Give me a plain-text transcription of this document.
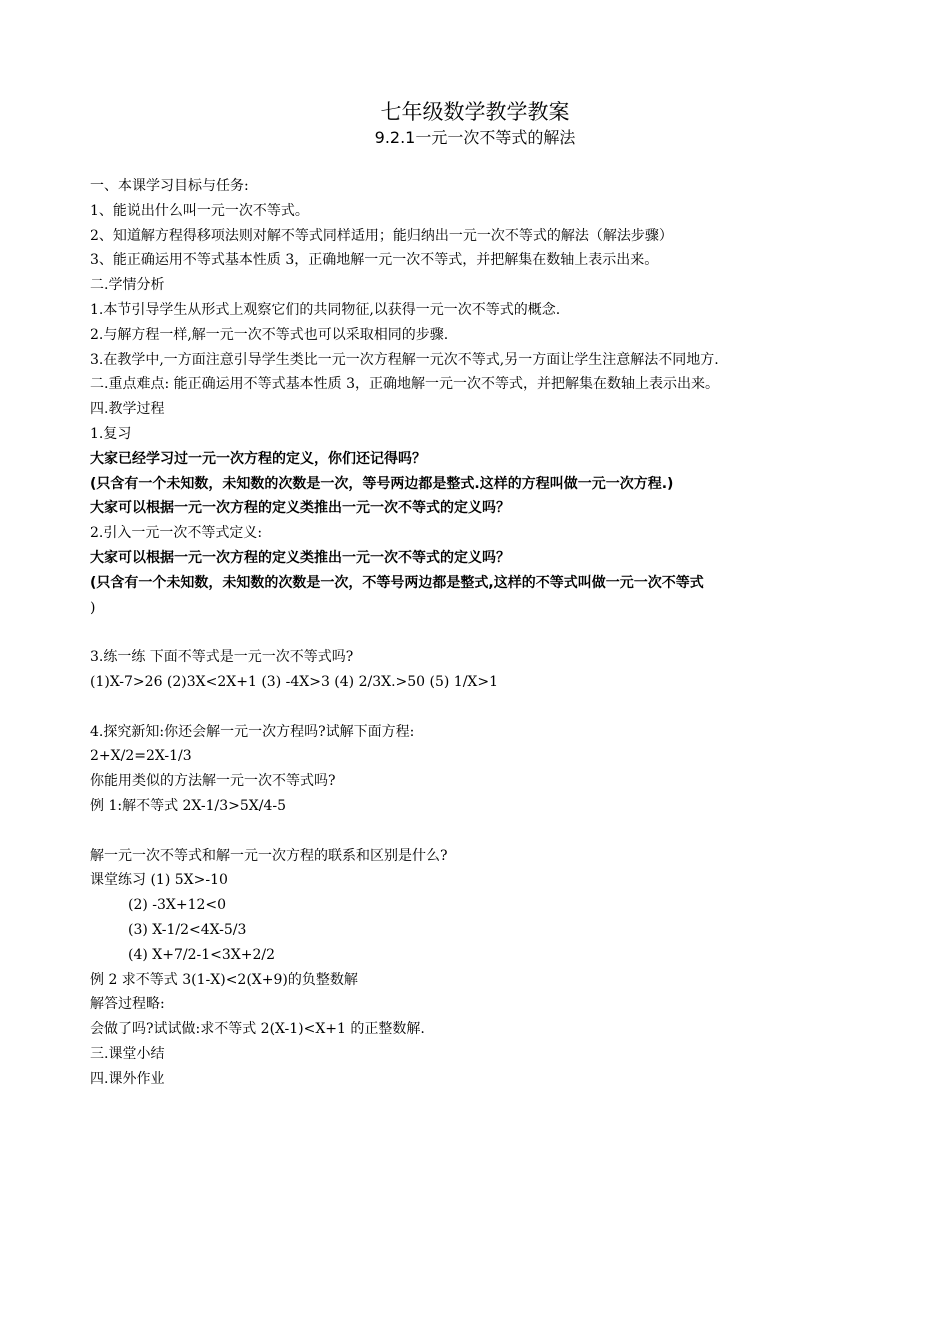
七年级数学教学教案
9.2.1一元一次不等式的解法
一、本课学习目标与任务:
1、能说出什么叫一元一次不等式。
2、知道解方程得移项法则对解不等式同样适用；能归纳出一元一次不等式的解法（解法步骤）
3、能正确运用不等式基本性质 3，正确地解一元一次不等式，并把解集在数轴上表示出来。
二.学情分析
1.本节引导学生从形式上观察它们的共同物征,以获得一元一次不等式的概念.
2.与解方程一样,解一元一次不等式也可以采取相同的步骤.
3.在教学中,一方面注意引导学生类比一元一次方程解一元次不等式,另一方面让学生注意解法不同地方.
二.重点难点: 能正确运用不等式基本性质 3，正确地解一元一次不等式，并把解集在数轴上表示出来。
四.教学过程
1.复习
大家已经学习过一元一次方程的定义，你们还记得吗？
(只含有一个未知数，未知数的次数是一次，等号两边都是整式.这样的方程叫做一元一次方程.)
大家可以根据一元一次方程的定义类推出一元一次不等式的定义吗？
2.引入一元一次不等式定义:
大家可以根据一元一次方程的定义类推出一元一次不等式的定义吗？
(只含有一个未知数，未知数的次数是一次，不等号两边都是整式,这样的不等式叫做一元一次不等式
)
3.练一练 下面不等式是一元一次不等式吗?
(1)X-7>26 (2)3X<2X+1 (3) -4X>3 (4) 2/3X.>50 (5) 1/X>1
4.探究新知:你还会解一元一次方程吗?试解下面方程:
2+X/2=2X-1/3
你能用类似的方法解一元一次不等式吗?
例 1:解不等式 2X-1/3>5X/4-5
解一元一次不等式和解一元一次方程的联系和区别是什么?
课堂练习 (1) 5X>-10
(2) -3X+12<0
(3) X-1/2<4X-5/3
(4) X+7/2-1<3X+2/2
例 2 求不等式 3(1-X)<2(X+9)的负整数解
解答过程略:
会做了吗?试试做:求不等式 2(X-1)<X+1 的正整数解.
三.课堂小结
四.课外作业
